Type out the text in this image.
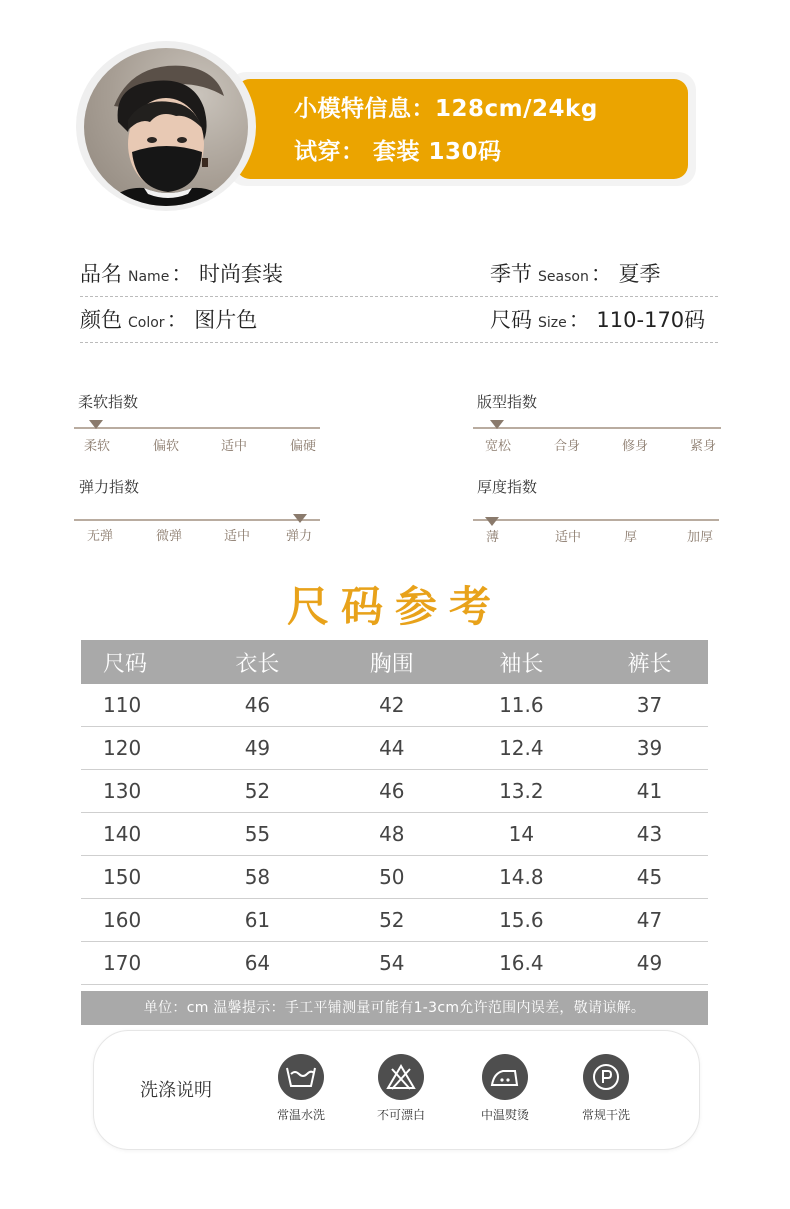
小模特信息：128cm/24kg
试穿： 套装 130码
品名 Name： 时尚套装	季节 Season： 夏季
颜色 Color： 图片色	尺码 Size： 110-170码
柔软指数
柔软	偏软	适中	偏硬
版型指数
宽松	合身	修身	紧身
弹力指数
无弹	微弹	适中	弹力
厚度指数
薄	适中	厚	加厚
尺码参考
尺码	衣长	胸围	袖长	裤长
110	46	42	11.6	37
120	49	44	12.4	39
130	52	46	13.2	41
140	55	48	14	43
150	58	50	14.8	45
160	61	52	15.6	47
170	64	54	16.4	49
单位：cm 温馨提示：手工平铺测量可能有1-3cm允许范围内误差，敬请谅解。
洗涤说明
常温水洗	不可漂白	中温熨烫	常规干洗
